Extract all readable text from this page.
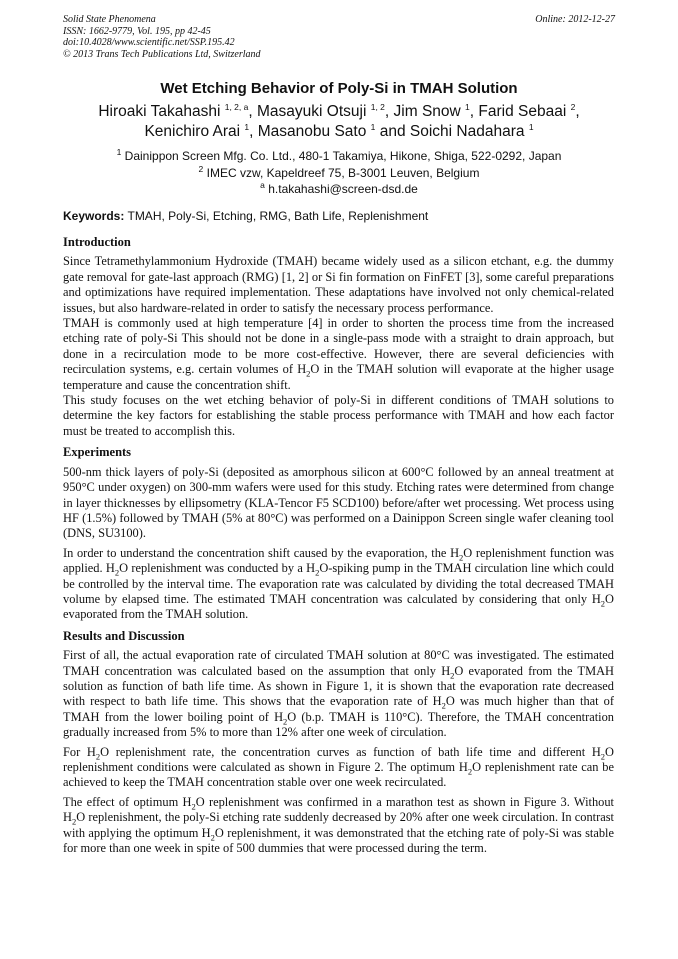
Solid State Phenomena
ISSN: 1662-9779, Vol. 195, pp 42-45
doi:10.4028/www.scientific.net/SSP.195.42
© 2013 Trans Tech Publications Ltd, Switzerland
Online: 2012-12-27
Wet Etching Behavior of Poly-Si in TMAH Solution
Hiroaki Takahashi $^{1, 2, a}$, Masayuki Otsuji $^{1, 2}$, Jim Snow $^1$, Farid Sebaai $^2$,
Kenichiro Arai $^1$, Masanobu Sato $^1$ and Soichi Nadahara $^1$
$^1$ Dainippon Screen Mfg. Co. Ltd., 480-1 Takamiya, Hikone, Shiga, 522-0292, Japan
$^2$ IMEC vzw, Kapeldreef 75, B-3001 Leuven, Belgium
$^a$ h.takahashi@screen-dsd.de
Keywords: TMAH, Poly-Si, Etching, RMG, Bath Life, Replenishment
Introduction

Since Tetramethylammonium Hydroxide (TMAH) became widely used as a silicon etchant, e.g. the dummy gate removal for gate-last approach (RMG) [1, 2] or Si fin formation on FinFET [3], some careful preparations and optimizations have required implementation. These adaptations have involved not only chemical-related issues, but also hardware-related in order to satisfy the necessary process performance.

TMAH is commonly used at high temperature [4] in order to shorten the process time from the increased etching rate of poly-Si This should not be done in a single-pass mode with a straight to drain approach, but done in a recirculation mode to be more cost-effective. However, there are several deficiencies with recirculation systems, e.g. certain volumes of $H_2O$ in the TMAH solution will evaporate at the higher usage temperature and cause the concentration shift.

This study focuses on the wet etching behavior of poly-Si in different conditions of TMAH solutions to determine the key factors for establishing the stable process performance with TMAH and how each factor must be treated to accomplish this.

Experiments

500-nm thick layers of poly-Si (deposited as amorphous silicon at 600°C followed by an anneal treatment at 950°C under oxygen) on 300-mm wafers were used for this study. Etching rates were determined from change in layer thicknesses by ellipsometry (KLA-Tencor F5 SCD100) before/after wet processing. Wet process using HF (1.5%) followed by TMAH (5% at 80°C) was performed on a Dainippon Screen single wafer cleaning tool (DNS, SU3100).

In order to understand the concentration shift caused by the evaporation, the $H_2O$ replenishment function was applied. $H_2O$ replenishment was conducted by a $H_2O$-spiking pump in the TMAH circulation line which could be controlled by the interval time. The evaporation rate was calculated by dividing the total decreased TMAH volume by elapsed time. The estimated TMAH concentration was calculated by considering that only $H_2O$ evaporated from the TMAH solution.

Results and Discussion

First of all, the actual evaporation rate of circulated TMAH solution at 80°C was investigated. The estimated TMAH concentration was calculated based on the assumption that only $H_2O$ evaporated from the TMAH solution as function of bath life time. As shown in Figure 1, it is shown that the evaporation rate decreased with respect to bath life time. This shows that the evaporation rate of $H_2O$ was much higher than that of TMAH from the lower boiling point of $H_2O$ (b.p. TMAH is 110°C). Therefore, the TMAH concentration gradually increased from 5% to more than 12% after one week of circulation.

For $H_2O$ replenishment rate, the concentration curves as function of bath life time and different $H_2O$ replenishment conditions were calculated as shown in Figure 2. The optimum $H_2O$ replenishment rate can be achieved to keep the TMAH concentration stable over one week recirculated.

The effect of optimum $H_2O$ replenishment was confirmed in a marathon test as shown in Figure 3. Without $H_2O$ replenishment, the poly-Si etching rate suddenly decreased by 20% after one week circulation. In contrast with applying the optimum $H_2O$ replenishment, it was demonstrated that the etching rate of poly-Si was stable for more than one week in spite of 500 dummies that were processed during the term.
